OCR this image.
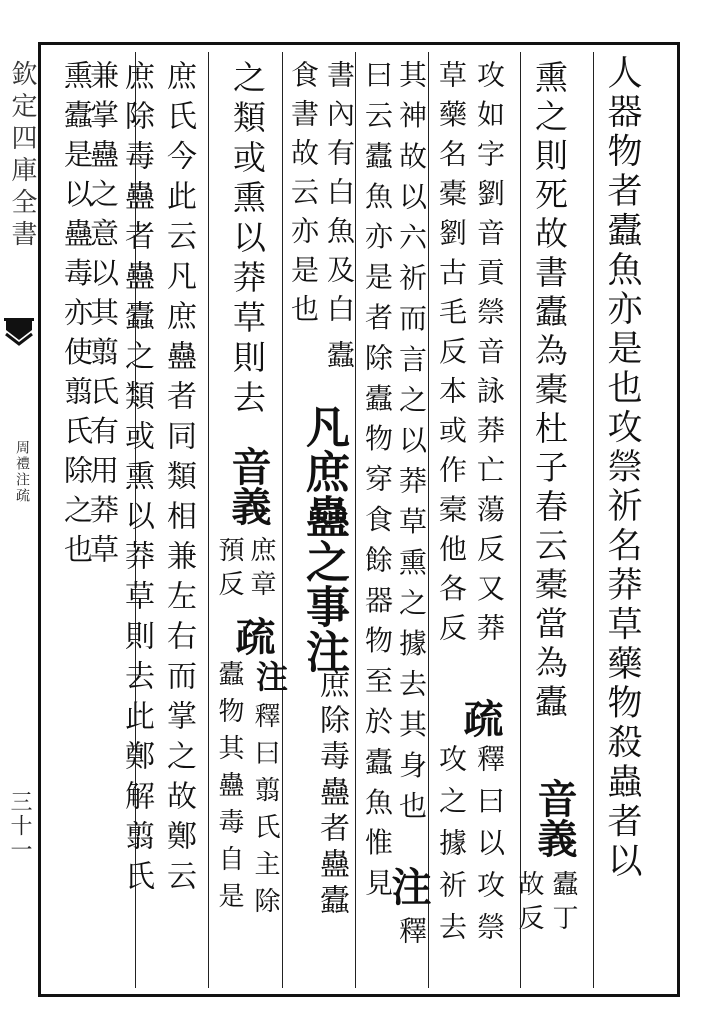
欽定四庫全書
周禮注疏
三十一	人器物者蠹魚亦是也攻禜祈名莽草藥物殺蟲者以
熏之則死故書蠹為橐杜子春云橐當為蠹
音義
蠹丁
故反
攻如字劉音貢禜音詠莽亡蕩反又莽
疏
釋曰以攻禜
草藥名橐劉古毛反本或作槖他各反
攻之據祈去
其神故以六祈而言之以莽草熏之據去其身也
注
釋
曰云蠹魚亦是者除蠹物穿食餘器物至於蠹魚惟見
書內有白魚及白
蠹
食書故云亦是也
凡庶蠱之事注
庶除毒蠱者蠱蠹
之類或熏以莽草則去
音義
庶章
預反
疏
注
釋曰翦氏主除
蠹物其蠱毒自是
庶氏今此云凡庶蠱者同類相兼左右而掌之故鄭云
庶除毒蠱者蠱蠹之類或熏以莽草則去此鄭解翦氏
兼掌蠱之意以其翦氏有用莽草
熏蠹是以蠱毒亦使翦氏除之也
